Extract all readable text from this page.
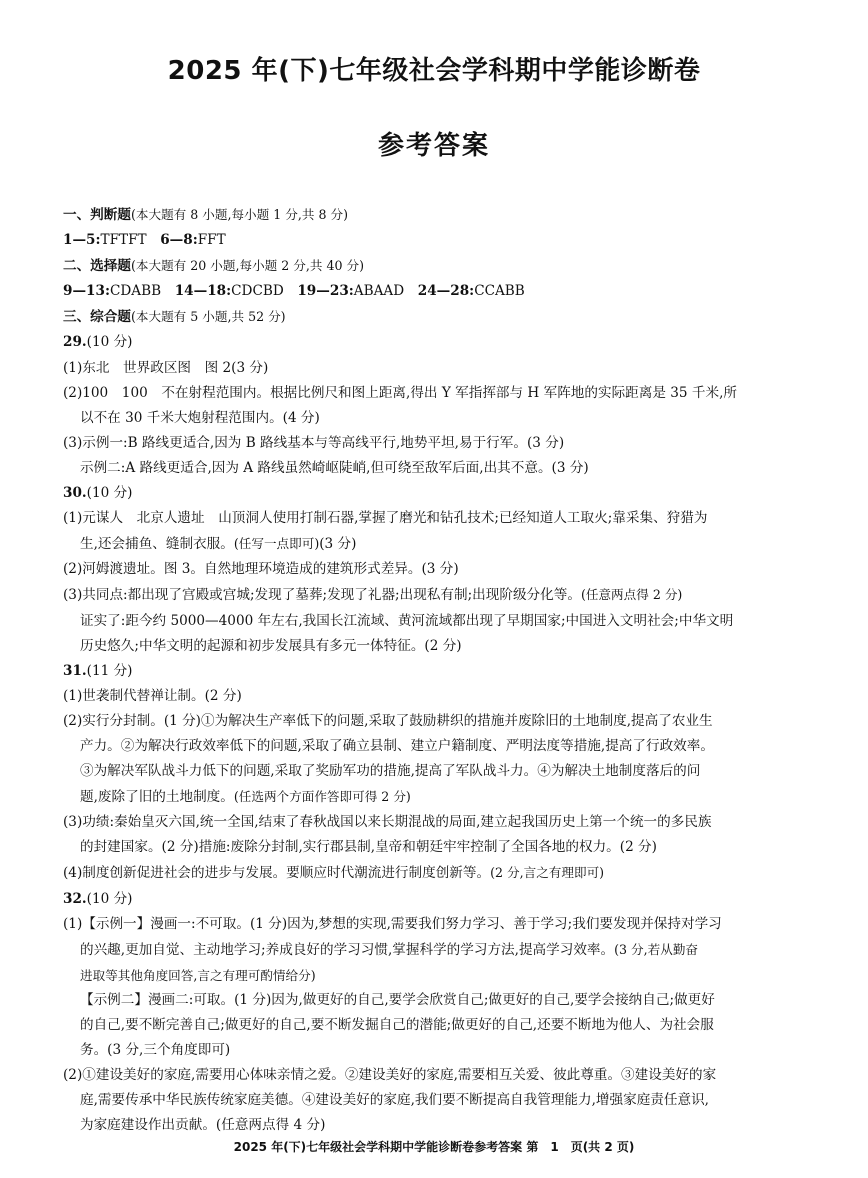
2025 年(下)七年级社会学科期中学能诊断卷
参考答案
一、判断题(本大题有 8 小题,每小题 1 分,共 8 分)
1—5:TFTFT　 6—8:FFT
二、选择题(本大题有 20 小题,每小题 2 分,共 40 分)
9—13:CDABB　 14—18:CDCBD　 19—23:ABAAD　 24—28:CCABB
三、综合题(本大题有 5 小题,共 52 分)
29.(10 分)
(1)东北　世界政区图　图 2(3 分)
(2)100　100　不在射程范围内。根据比例尺和图上距离,得出 Y 军指挥部与 H 军阵地的实际距离是 35 千米,所
以不在 30 千米大炮射程范围内。(4 分)
(3)示例一:B 路线更适合,因为 B 路线基本与等高线平行,地势平坦,易于行军。(3 分)
示例二:A 路线更适合,因为 A 路线虽然崎岖陡峭,但可绕至敌军后面,出其不意。(3 分)
30.(10 分)
(1)元谋人　北京人遗址　山顶洞人使用打制石器,掌握了磨光和钻孔技术;已经知道人工取火;靠采集、狩猎为
生,还会捕鱼、缝制衣服。(任写一点即可)(3 分)
(2)河姆渡遗址。图 3。自然地理环境造成的建筑形式差异。(3 分)
(3)共同点:都出现了宫殿或宫城;发现了墓葬;发现了礼器;出现私有制;出现阶级分化等。(任意两点得 2 分)
证实了:距今约 5000—4000 年左右,我国长江流域、黄河流域都出现了早期国家;中国进入文明社会;中华文明
历史悠久;中华文明的起源和初步发展具有多元一体特征。(2 分)
31.(11 分)
(1)世袭制代替禅让制。(2 分)
(2)实行分封制。(1 分)①为解决生产率低下的问题,采取了鼓励耕织的措施并废除旧的土地制度,提高了农业生
产力。②为解决行政效率低下的问题,采取了确立县制、建立户籍制度、严明法度等措施,提高了行政效率。
③为解决军队战斗力低下的问题,采取了奖励军功的措施,提高了军队战斗力。④为解决土地制度落后的问
题,废除了旧的土地制度。(任选两个方面作答即可得 2 分)
(3)功绩:秦始皇灭六国,统一全国,结束了春秋战国以来长期混战的局面,建立起我国历史上第一个统一的多民族
的封建国家。(2 分)措施:废除分封制,实行郡县制,皇帝和朝廷牢牢控制了全国各地的权力。(2 分)
(4)制度创新促进社会的进步与发展。要顺应时代潮流进行制度创新等。(2 分,言之有理即可)
32.(10 分)
(1)【示例一】漫画一:不可取。(1 分)因为,梦想的实现,需要我们努力学习、善于学习;我们要发现并保持对学习
的兴趣,更加自觉、主动地学习;养成良好的学习习惯,掌握科学的学习方法,提高学习效率。(3 分,若从勤奋
进取等其他角度回答,言之有理可酌情给分)
【示例二】漫画二:可取。(1 分)因为,做更好的自己,要学会欣赏自己;做更好的自己,要学会接纳自己;做更好
的自己,要不断完善自己;做更好的自己,要不断发掘自己的潜能;做更好的自己,还要不断地为他人、为社会服
务。(3 分,三个角度即可)
(2)①建设美好的家庭,需要用心体味亲情之爱。②建设美好的家庭,需要相互关爱、彼此尊重。③建设美好的家
庭,需要传承中华民族传统家庭美德。④建设美好的家庭,我们要不断提高自我管理能力,增强家庭责任意识,
为家庭建设作出贡献。(任意两点得 4 分)
2025 年(下)七年级社会学科期中学能诊断卷参考答案 第　1　页(共 2 页)
